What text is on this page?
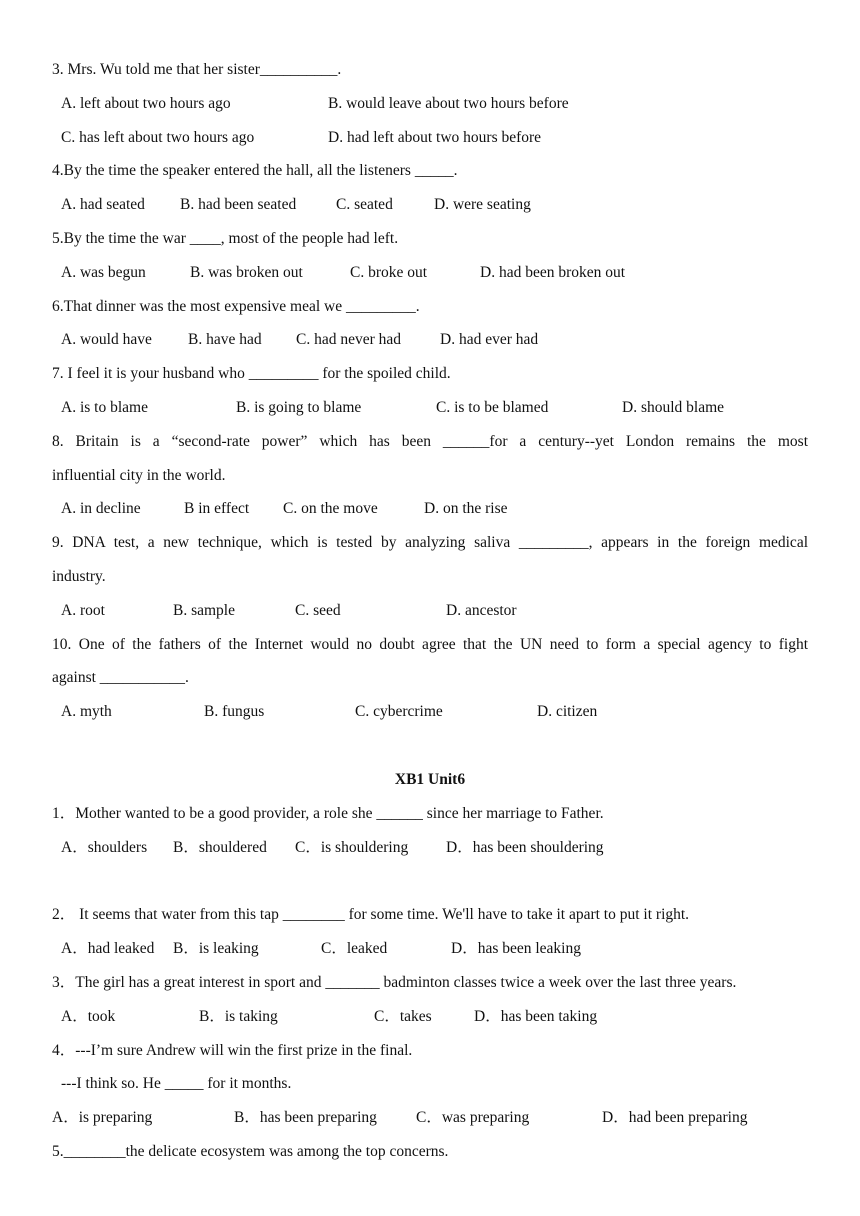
3. Mrs. Wu told me that her sister__________.
A. left about two hours ago	B. would leave about two hours before
C. has left about two hours ago	D. had left about two hours before
4.By the time the speaker entered the hall, all the listeners _____.
A. had seated B. had been seated	C. seated	D. were seating
5.By the time the war ____, most of the people had left.
A. was begun	B. was broken out	C. broke out	D. had been broken out
6.That dinner was the most expensive meal we _________.
A. would have B. have had C. had never had	D. had ever had
7. I feel it is your husband who _________ for the spoiled child.
A. is to blame	B. is going to blame	C. is to be blamed	D. should blame
8. Britain is a “second-rate power” which has been ______for a century--yet London remains the most
influential city in the world.
A. in decline	B in effect C. on the move	D. on the rise
9. DNA test, a new technique, which is tested by analyzing saliva _________, appears in the foreign medical
industry.
A. root	B. sample	C. seed	D. ancestor
10. One of the fathers of the Internet would no doubt agree that the UN need to form a special agency to fight
against ___________.
A. myth	B. fungus	C. cybercrime	D. citizen
XB1 Unit6
1．Mother wanted to be a good provider, a role she ______ since her marriage to Father.
A．shoulders B．shouldered C．is shouldering D．has been shouldering
2． It seems that water from this tap ________ for some time. We'll have to take it apart to put it right.
A．had leaked B．is leaking	C．leaked	D．has been leaking
3．The girl has a great interest in sport and _______ badminton classes twice a week over the last three years.
A．took	B．is taking	C．takes	D．has been taking
4．---I’m sure Andrew will win the first prize in the final.
---I think so. He _____ for it months.
A．is preparing	B．has been preparing	C．was preparing	D．had been preparing
5.________the delicate ecosystem was among the top concerns.
